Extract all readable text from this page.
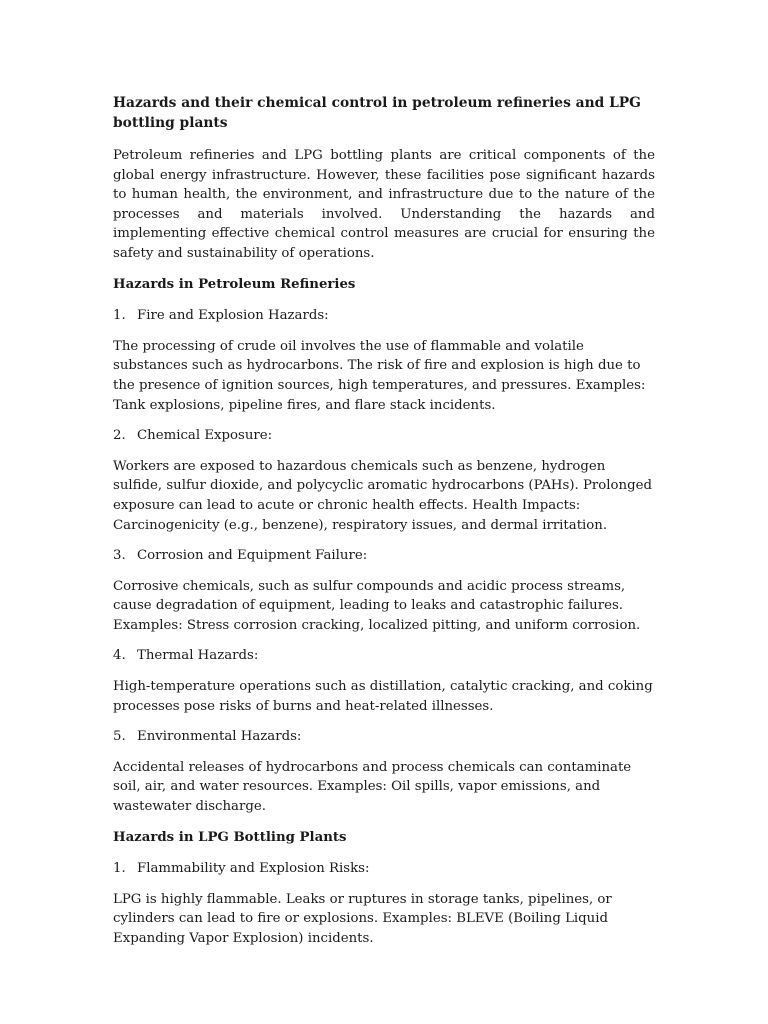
Hazards and their chemical control in petroleum refineries and LPG bottling plants
Petroleum refineries and LPG bottling plants are critical components of the global energy infrastructure. However, these facilities pose significant hazards to human health, the environment, and infrastructure due to the nature of the processes and materials involved. Understanding the hazards and implementing effective chemical control measures are crucial for ensuring the safety and sustainability of operations.
Hazards in Petroleum Refineries
1. Fire and Explosion Hazards:
The processing of crude oil involves the use of flammable and volatile substances such as hydrocarbons. The risk of fire and explosion is high due to the presence of ignition sources, high temperatures, and pressures. Examples: Tank explosions, pipeline fires, and flare stack incidents.
2. Chemical Exposure:
Workers are exposed to hazardous chemicals such as benzene, hydrogen sulfide, sulfur dioxide, and polycyclic aromatic hydrocarbons (PAHs). Prolonged exposure can lead to acute or chronic health effects. Health Impacts: Carcinogenicity (e.g., benzene), respiratory issues, and dermal irritation.
3. Corrosion and Equipment Failure:
Corrosive chemicals, such as sulfur compounds and acidic process streams, cause degradation of equipment, leading to leaks and catastrophic failures. Examples: Stress corrosion cracking, localized pitting, and uniform corrosion.
4. Thermal Hazards:
High-temperature operations such as distillation, catalytic cracking, and coking processes pose risks of burns and heat-related illnesses.
5. Environmental Hazards:
Accidental releases of hydrocarbons and process chemicals can contaminate soil, air, and water resources. Examples: Oil spills, vapor emissions, and wastewater discharge.
Hazards in LPG Bottling Plants
1. Flammability and Explosion Risks:
LPG is highly flammable. Leaks or ruptures in storage tanks, pipelines, or cylinders can lead to fire or explosions. Examples: BLEVE (Boiling Liquid Expanding Vapor Explosion) incidents.
